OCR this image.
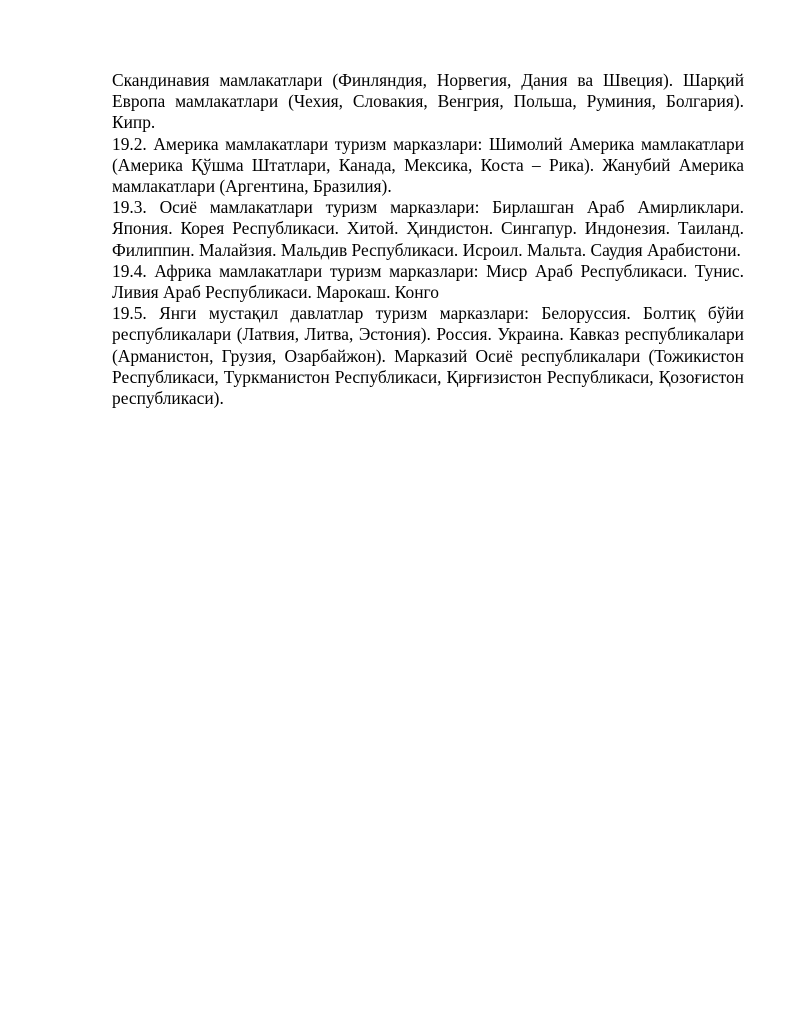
Скандинавия мамлакатлари (Финляндия, Норвегия, Дания ва Швеция). Шарқий Европа мамлакатлари (Чехия, Словакия, Венгрия, Польша, Руминия, Болгария). Кипр.

19.2. Америка мамлакатлари туризм марказлари: Шимолий Америка мамлакатлари (Америка Қўшма Штатлари, Канада, Мексика, Коста – Рика). Жанубий Америка мамлакатлари (Аргентина, Бразилия).

19.3. Осиё мамлакатлари туризм марказлари: Бирлашган Араб Амирликлари. Япония. Корея Республикаси. Хитой. Ҳиндистон. Сингапур. Индонезия. Таиланд. Филиппин. Малайзия. Мальдив Республикаси. Исроил. Мальта. Саудия Арабистони.

19.4. Африка мамлакатлари туризм марказлари: Миср Араб Республикаси. Тунис. Ливия Араб Республикаси. Марокаш. Конго

19.5. Янги мустақил давлатлар туризм марказлари: Белоруссия. Болтиқ бўйи республикалари (Латвия, Литва, Эстония). Россия. Украина. Кавказ республикалари (Арманистон, Грузия, Озарбайжон). Марказий Осиё республикалари (Тожикистон Республикаси, Туркманистон Республикаси, Қирғизистон Республикаси, Қозоғистон республикаси).
